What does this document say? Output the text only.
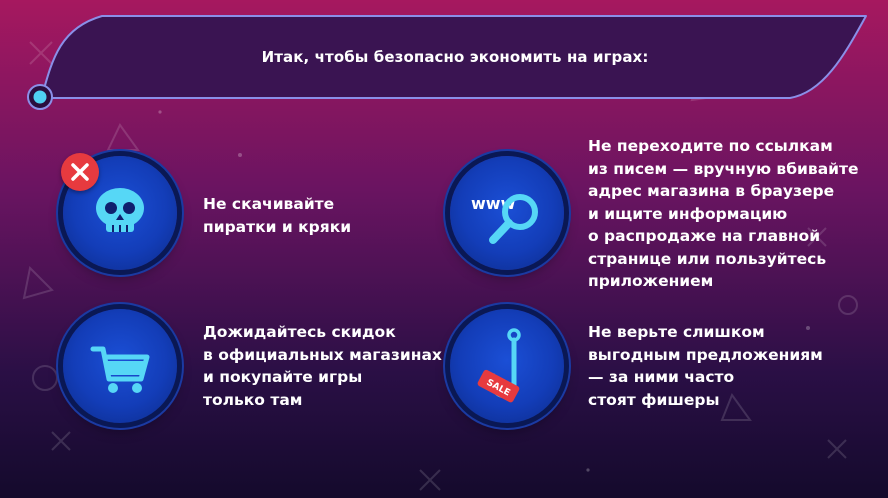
Итак, чтобы безопасно экономить на играх:
Не скачивайте
пиратки и кряки
www
Не переходите по ссылкам
из писем — вручную вбивайте
адрес магазина в браузере
и ищите информацию
о распродаже на главной
странице или пользуйтесь
приложением
Дожидайтесь скидок
в официальных магазинах
и покупайте игры
только там
SALE
Не верьте слишком
выгодным предложениям
— за ними часто
стоят фишеры
